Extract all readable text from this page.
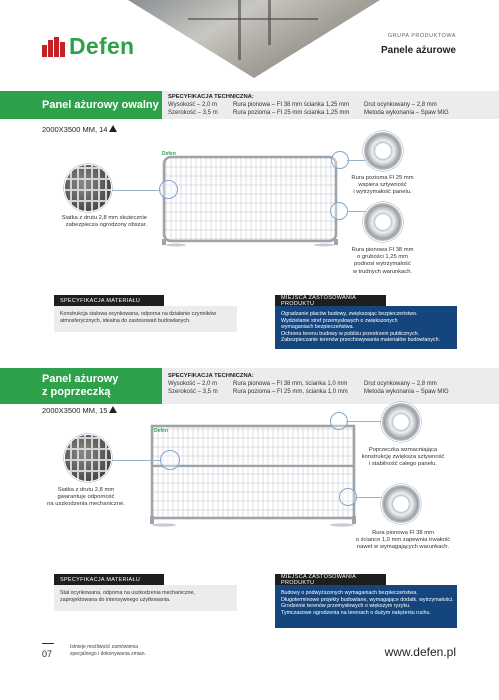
Defen	GRUPA PRODUKTOWA
Panele ażurowe
Panel ażurowy owalny
SPECYFIKACJA TECHNICZNA:
Wysokość – 2,0 m	Rura pionowa – FI 38 mm ścianka 1,25 mm	Drut ocynkowany – 2,8 mm
Szerokość – 3,5 m	Rura pozioma – FI 25 mm ścianka 1,25 mm	Metoda wykonania – Spaw MIG
2000X3500 MM, 14
Defen
Siatka z drutu 2,8 mm skutecznie
zabezpiecza ogrodzony obszar.
Rura pozioma FI 25 mm
wspiera sztywność
i wytrzymałość panelu.
Rura pionowa FI 38 mm
o grubości 1,25 mm
podnosi wytrzymałość
w trudnych warunkach.
SPECYFIKACJA MATERIAŁU
Konstrukcja stalowa ocynkowana, odporna na działanie czynników
atmosferycznych, idealna do zastosowań budowlanych.
MIEJSCA ZASTOSOWANIA PRODUKTU
Ogradzanie placów budowy, zwiększając bezpieczeństwo.
Wydzielanie stref przemysłowych o zwiększonych
wymaganiach bezpieczeństwa.
Ochrona terenu budowy w pobliżu przestrzeni publicznych.
Zabezpieczanie terenów przechowywania materiałów budowlanych.
Panel ażurowy
z poprzeczką
SPECYFIKACJA TECHNICZNA:
Wysokość – 2,0 m	Rura pionowa – FI 38 mm, ścianka 1,0 mm	Drut ocynkowany – 2,8 mm
Szerokość – 3,5 m	Rura pozioma – FI 25 mm, ścianka 1,0 mm	Metoda wykonania – Spaw MIG
2000X3500 MM, 15
Defen
Siatka z drutu 2,8 mm
gwarantuje odporność
na uszkodzenia mechaniczne.
Poprzeczka wzmacniająca
konstrukcję zwiększa sztywność
i stabilność całego panelu.
Rura pionowa FI 38 mm
o ściance 1,0 mm zapewnia trwałość
nawet w wymagających warunkach.
SPECYFIKACJA MATERIAŁU
Stal ocynkowana, odporna na uszkodzenia mechaniczne,
zaprojektowana do intensywnego użytkowania.
MIEJSCA ZASTOSOWANIA PRODUKTU
Budowy o podwyższonych wymaganiach bezpieczeństwa.
Długoterminowe projekty budowlane, wymagające dodatk. wytrzymałości.
Grodzenie terenów przemysłowych o większym ryzyku.
Tymczasowe ogrodzenia na terenach o dużym natężeniu ruchu.
07
Istnieje możliwość zamówienia
specjalnego i dokonywania zmian.	www.defen.pl
